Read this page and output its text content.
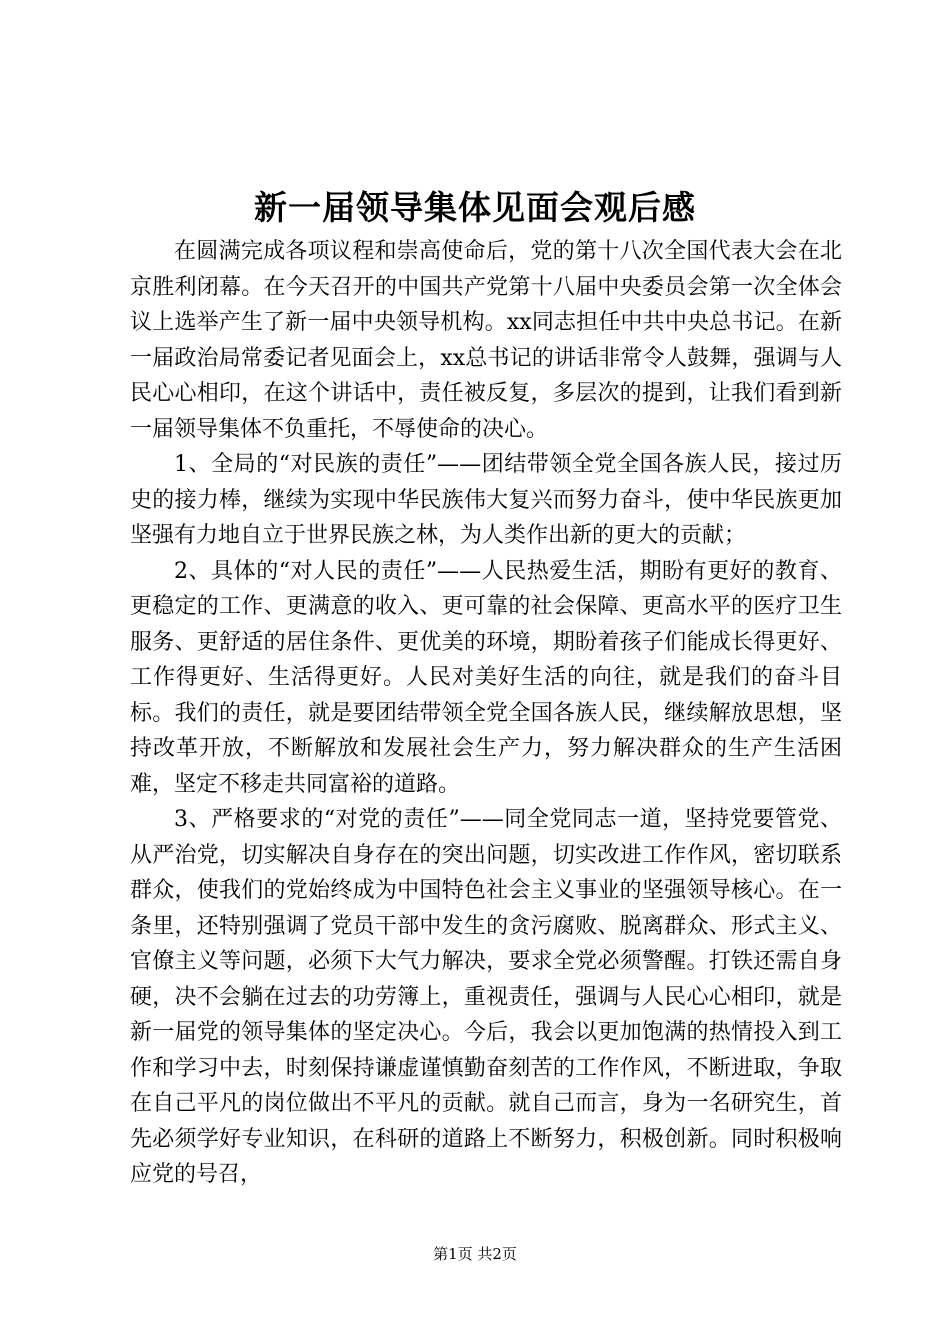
新一届领导集体见面会观后感

在圆满完成各项议程和崇高使命后，党的第十八次全国代表大会在北京胜利闭幕。在今天召开的中国共产党第十八届中央委员会第一次全体会议上选举产生了新一届中央领导机构。xx同志担任中共中央总书记。在新一届政治局常委记者见面会上，xx总书记的讲话非常令人鼓舞，强调与人民心心相印，在这个讲话中，责任被反复，多层次的提到，让我们看到新一届领导集体不负重托，不辱使命的决心。

1、全局的“对民族的责任”——团结带领全党全国各族人民，接过历史的接力棒，继续为实现中华民族伟大复兴而努力奋斗，使中华民族更加坚强有力地自立于世界民族之林，为人类作出新的更大的贡献；

2、具体的“对人民的责任”——人民热爱生活，期盼有更好的教育、更稳定的工作、更满意的收入、更可靠的社会保障、更高水平的医疗卫生服务、更舒适的居住条件、更优美的环境，期盼着孩子们能成长得更好、工作得更好、生活得更好。人民对美好生活的向往，就是我们的奋斗目标。我们的责任，就是要团结带领全党全国各族人民，继续解放思想，坚持改革开放，不断解放和发展社会生产力，努力解决群众的生产生活困难，坚定不移走共同富裕的道路。

3、严格要求的“对党的责任”——同全党同志一道，坚持党要管党、从严治党，切实解决自身存在的突出问题，切实改进工作作风，密切联系群众，使我们的党始终成为中国特色社会主义事业的坚强领导核心。在一条里，还特别强调了党员干部中发生的贪污腐败、脱离群众、形式主义、官僚主义等问题，必须下大气力解决，要求全党必须警醒。打铁还需自身硬，决不会躺在过去的功劳簿上，重视责任，强调与人民心心相印，就是新一届党的领导集体的坚定决心。今后，我会以更加饱满的热情投入到工作和学习中去，时刻保持谦虚谨慎勤奋刻苦的工作作风，不断进取，争取在自己平凡的岗位做出不平凡的贡献。就自己而言，身为一名研究生，首先必须学好专业知识，在科研的道路上不断努力，积极创新。同时积极响应党的号召，

第1页 共2页
